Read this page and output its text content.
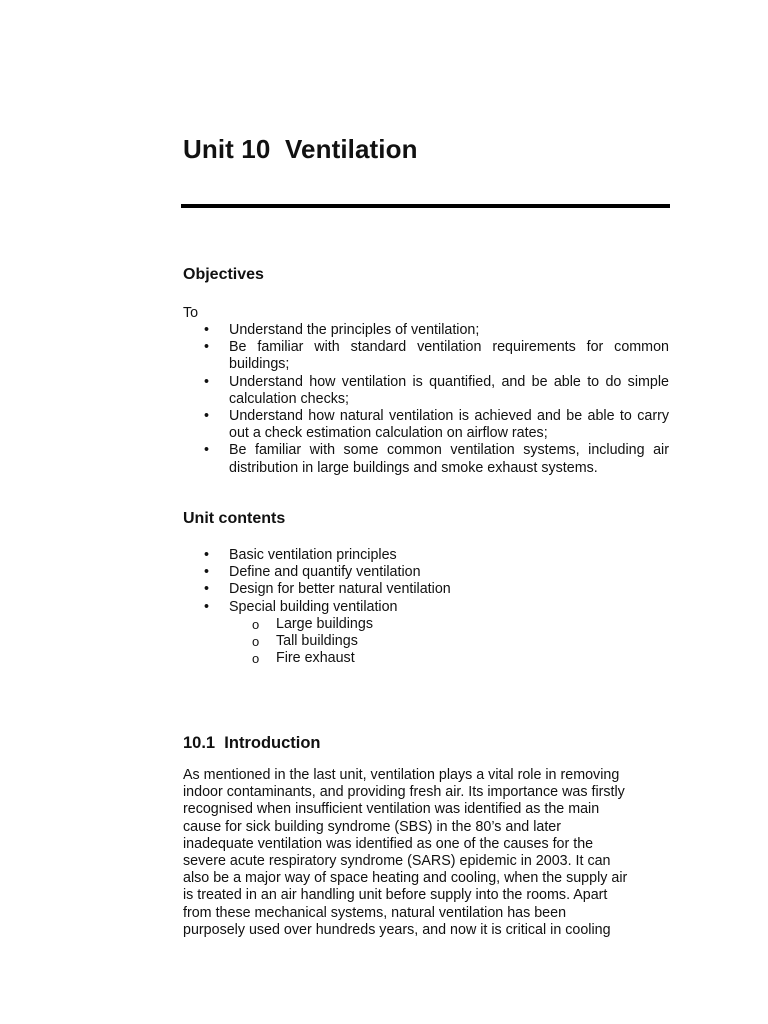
Unit 10  Ventilation
Objectives
To
• Understand the principles of ventilation;
• Be familiar with standard ventilation requirements for common buildings;
• Understand how ventilation is quantified, and be able to do simple calculation checks;
• Understand how natural ventilation is achieved and be able to carry out a check estimation calculation on airflow rates;
• Be familiar with some common ventilation systems, including air distribution in large buildings and smoke exhaust systems.
Unit contents
• Basic ventilation principles
• Define and quantify ventilation
• Design for better natural ventilation
• Special building ventilation
o Large buildings
o Tall buildings
o Fire exhaust
10.1  Introduction

As mentioned in the last unit, ventilation plays a vital role in removing
indoor contaminants, and providing fresh air. Its importance was firstly
recognised when insufficient ventilation was identified as the main
cause for sick building syndrome (SBS) in the 80’s and later
inadequate ventilation was identified as one of the causes for the
severe acute respiratory syndrome (SARS) epidemic in 2003. It can
also be a major way of space heating and cooling, when the supply air
is treated in an air handling unit before supply into the rooms. Apart
from these mechanical systems, natural ventilation has been
purposely used over hundreds years, and now it is critical in cooling
